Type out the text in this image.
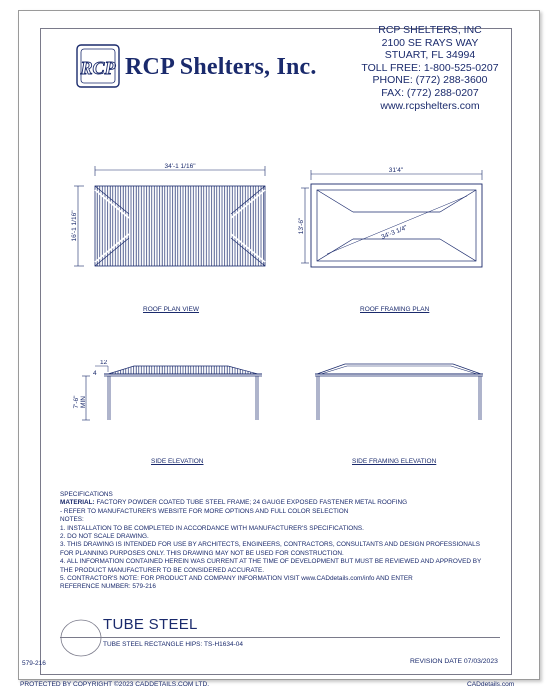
RCP RCP Shelters, Inc.
RCP SHELTERS, INC
2100 SE RAYS WAY
STUART, FL 34994
TOLL FREE: 1-800-525-0207
PHONE: (772) 288-3600
FAX: (772) 288-0207
www.rcpshelters.com
34'-1 1/16"
16'-1 1/16"
ROOF PLAN VIEW
31'4"
13'-6"	34'-3 1/4"
ROOF FRAMING PLAN
12
4
7'-6" MIN
SIDE ELEVATION	SIDE FRAMING ELEVATION

SPECIFICATIONS

MATERIAL: FACTORY POWDER COATED TUBE STEEL FRAME; 24 GAUGE EXPOSED FASTENER METAL ROOFING

- REFER TO MANUFACTURER'S WEBSITE FOR MORE OPTIONS AND FULL COLOR SELECTION

NOTES:

1. INSTALLATION TO BE COMPLETED IN ACCORDANCE WITH MANUFACTURER'S SPECIFICATIONS.

2. DO NOT SCALE DRAWING.

3. THIS DRAWING IS INTENDED FOR USE BY ARCHITECTS, ENGINEERS, CONTRACTORS, CONSULTANTS AND DESIGN PROFESSIONALS

FOR PLANNING PURPOSES ONLY. THIS DRAWING MAY NOT BE USED FOR CONSTRUCTION.

4. ALL INFORMATION CONTAINED HEREIN WAS CURRENT AT THE TIME OF DEVELOPMENT BUT MUST BE REVIEWED AND APPROVED BY

THE PRODUCT MANUFACTURER TO BE CONSIDERED ACCURATE.

5. CONTRACTOR'S NOTE: FOR PRODUCT AND COMPANY INFORMATION VISIT www.CADdetails.com/info AND ENTER

REFERENCE NUMBER: 579-216

TUBE STEEL
TUBE STEEL RECTANGLE HIPS: TS-H1634-04
579-216	REVISION DATE 07/03/2023
PROTECTED BY COPYRIGHT ©2023 CADDETAILS.COM LTD.	CADdetails.com
